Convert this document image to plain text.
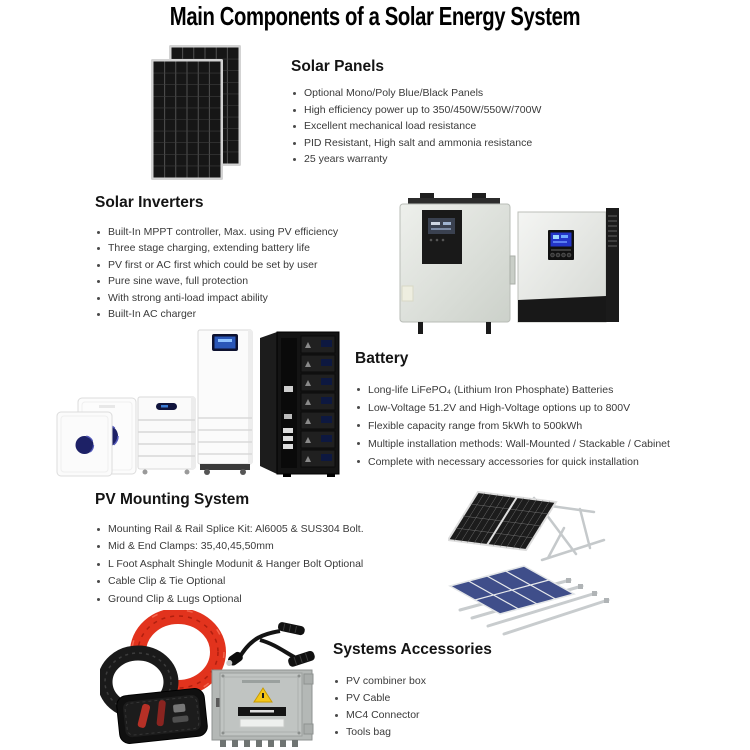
Main Components of a Solar Energy System
Solar Panels
Optional Mono/Poly Blue/Black Panels
High efficiency power up to 350/450W/550W/700W
Excellent mechanical load resistance
PID Resistant, High salt and ammonia resistance
25 years warranty
Solar Inverters
Built-In MPPT controller, Max. using PV efficiency
Three stage charging, extending battery life
PV first or AC first which could be set by user
Pure sine wave, full protection
With strong anti-load impact ability
Built-In AC charger
Battery
Long-life LiFePO₄ (Lithium Iron Phosphate) Batteries
Low-Voltage 51.2V and High-Voltage options up to 800V
Flexible capacity range from 5kWh to 500kWh
Multiple installation methods: Wall-Mounted / Stackable / Cabinet
Complete with necessary accessories for quick installation
PV Mounting System
Mounting Rail & Rail Splice Kit: Al6005 & SUS304 Bolt.
Mid & End Clamps: 35,40,45,50mm
L Foot Asphalt Shingle Modunit & Hanger Bolt Optional
Cable Clip & Tie Optional
Ground Clip & Lugs Optional
Systems Accessories
PV combiner box
PV Cable
MC4 Connector
Tools bag
